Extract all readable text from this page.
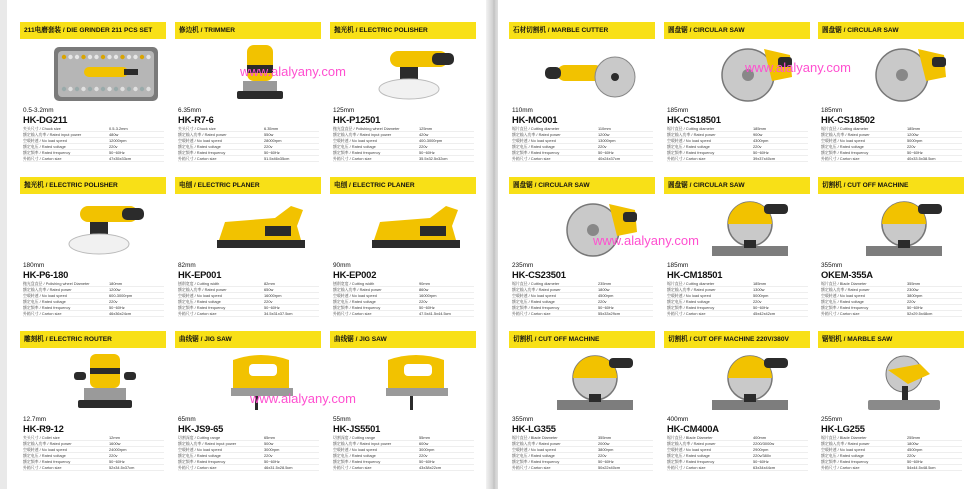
211电磨套装 / DIE GRINDER 211 PCS SET
0.5-3.2mm
HK-DG211
夹头尺寸 / Chuck size	0.5-3.2mm
额定输入功率 / Rated input power	480w
空载转速 / No load speed	12000rpm
额定电压 / Rated voltage	220v
额定频率 / Rated frequency	50~60Hz
外箱尺寸 / Carton size	47x35x33cm
修边机 / TRIMMER
6.35mm
HK-R7-6
夹头尺寸 / Chuck size	6.35mm
额定输入功率 / Rated power	550w
空载转速 / No load speed	28000rpm
额定电压 / Rated voltage	220v
额定频率 / Rated frequency	50~60Hz
外箱尺寸 / Carton size	51.5x46x35cm
抛光机 / ELECTRIC POLISHER
125mm
HK-P12501
抛光盘直径 / Polishing wheel Diameter	125mm
额定输入功率 / Rated input power	420w
空载转速 / No load speed	400-3000rpm
额定电压 / Rated voltage	220v
额定频率 / Rated frequency	50~60Hz
外箱尺寸 / Carton size	35.5x32.5x32cm
抛光机 / ELECTRIC POLISHER
180mm
HK-P6-180
抛光盘直径 / Polishing wheel Diameter	180mm
额定输入功率 / Rated power	1200w
空载转速 / No load speed	600-3000rpm
额定电压 / Rated voltage	220v
额定频率 / Rated frequency	50~60Hz
外箱尺寸 / Carton size	46x36x24cm
电刨 / ELECTRIC PLANER
82mm
HK-EP001
刨削宽度 / Cutting width	82mm
额定输入功率 / Rated power	650w
空载转速 / No load speed	16000rpm
额定电压 / Rated voltage	220v
额定频率 / Rated frequency	50~60Hz
外箱尺寸 / Carton size	34.5x31x37.5cm
电刨 / ELECTRIC PLANER
90mm
HK-EP002
刨削宽度 / Cutting width	90mm
额定输入功率 / Rated power	860w
空载转速 / No load speed	16000rpm
额定电压 / Rated voltage	220v
额定频率 / Rated frequency	50~60Hz
外箱尺寸 / Carton size	47.5x41.5x44.5cm
雕刻机 / ELECTRIC ROUTER
12.7mm
HK-R9-12
夹头尺寸 / Collet size	12mm
额定输入功率 / Rated power	1600w
空载转速 / No load speed	24000rpm
额定电压 / Rated voltage	220v
额定频率 / Rated frequency	50~60Hz
外箱尺寸 / Carton size	52x34.5x37cm
曲线锯 / JIG SAW
65mm
HK-JS9-65
切割深度 / Cutting range	65mm
额定输入功率 / Rated input power	500w
空载转速 / No load speed	3000rpm
额定电压 / Rated voltage	220v
额定频率 / Rated frequency	50~60Hz
外箱尺寸 / Carton size	46x31.5x28.5cm
曲线锯 / JIG SAW
55mm
HK-JS5501
切割深度 / Cutting range	55mm
额定输入功率 / Rated input power	600w
空载转速 / No load speed	3000rpm
额定电压 / Rated voltage	220v
额定频率 / Rated frequency	50~60Hz
外箱尺寸 / Carton size	43x38x22cm
石材切割机 / MARBLE CUTTER
110mm
HK-MC001
锯片直径 / Cutting diameter	110mm
额定输入功率 / Rated power	1200w
空载转速 / No load speed	13000rpm
额定电压 / Rated voltage	220v
额定频率 / Rated frequency	50~60Hz
外箱尺寸 / Carton size	40x24x37cm
圆盘锯 / CIRCULAR SAW
185mm
HK-CS18501
锯片直径 / Cutting diameter	185mm
额定输入功率 / Rated power	900w
空载转速 / No load speed	4300rpm
额定电压 / Rated voltage	220v
额定频率 / Rated frequency	50~60Hz
外箱尺寸 / Carton size	39x37x40cm
圆盘锯 / CIRCULAR SAW
185mm
HK-CS18502
锯片直径 / Cutting diameter	185mm
额定输入功率 / Rated power	1200w
空载转速 / No load speed	5000rpm
额定电压 / Rated voltage	220v
额定频率 / Rated frequency	50~60Hz
外箱尺寸 / Carton size	40x33.5x38.5cm
圆盘锯 / CIRCULAR SAW
235mm
HK-CS23501
锯片直径 / Cutting diameter	235mm
额定输入功率 / Rated power	1800w
空载转速 / No load speed	4500rpm
额定电压 / Rated voltage	220v
额定频率 / Rated frequency	50~60Hz
外箱尺寸 / Carton size	55x33x29cm
圆盘锯 / CIRCULAR SAW
185mm
HK-CM18501
锯片直径 / Cutting diameter	185mm
额定输入功率 / Rated power	1300w
空载转速 / No load speed	5000rpm
额定电压 / Rated voltage	220v
额定频率 / Rated frequency	50~60Hz
外箱尺寸 / Carton size	45x42x42cm
切割机 / CUT OFF MACHINE
355mm
OKEM-355A
锯片直径 / Blade Diameter	355mm
额定输入功率 / Rated power	2300w
空载转速 / No load speed	3800rpm
额定电压 / Rated voltage	220v
额定频率 / Rated frequency	50~60Hz
外箱尺寸 / Carton size	52x29.5x48cm
切割机 / CUT OFF MACHINE
355mm
HK-LG355
锯片直径 / Blade Diameter	355mm
额定输入功率 / Rated power	2000w
空载转速 / No load speed	3800rpm
额定电压 / Rated voltage	220v
额定频率 / Rated frequency	50~60Hz
外箱尺寸 / Carton size	50x22x40cm
切割机 / CUT OFF MACHINE 220V/380V
400mm
HK-CM400A
锯片直径 / Blade Diameter	400mm
额定输入功率 / Rated power	2200/3000w
空载转速 / No load speed	2900rpm
额定电压 / Rated voltage	220v/380v
额定频率 / Rated frequency	50~60Hz
外箱尺寸 / Carton size	63x34x44cm
锯铝机 / MARBLE SAW
255mm
HK-LG255
锯片直径 / Blade Diameter	255mm
额定输入功率 / Rated power	1800w
空载转速 / No load speed	4500rpm
额定电压 / Rated voltage	220v
额定频率 / Rated frequency	50~60Hz
外箱尺寸 / Carton size	54x44.5x48.5cm
www.alalyany.com	www.alalyany.com
www.alalyany.com
www.alalyany.com
